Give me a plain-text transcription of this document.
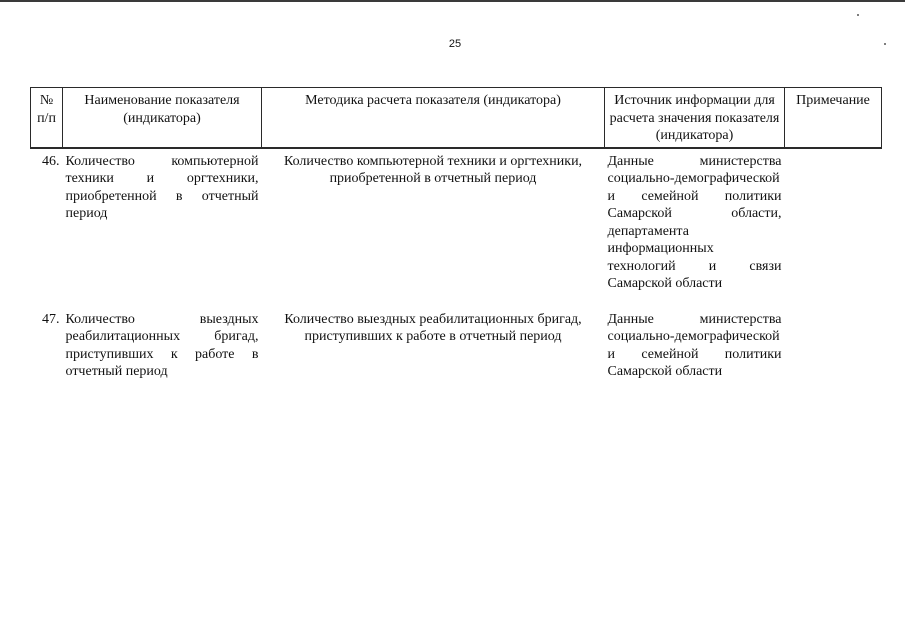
25
№ п/п	Наименование показателя (индикатора)	Методика расчета показателя (индикатора)	Источник информации для расчета значения показателя (индикатора)	Примечание
46.	Количество компьютерной техники и оргтехники, приобретенной в отчетный период	Количество компьютерной техники и оргтехники, приобретенной в отчетный период	Данные министерства социально-демографической и семейной политики Самарской области, департамента информационных технологий и связи Самарской области	
47.	Количество выездных реабилитационных бригад, приступивших к работе в отчетный период	Количество выездных реабилитационных бригад, приступивших к работе в отчетный период	Данные министерства социально-демографической и семейной политики Самарской области	
